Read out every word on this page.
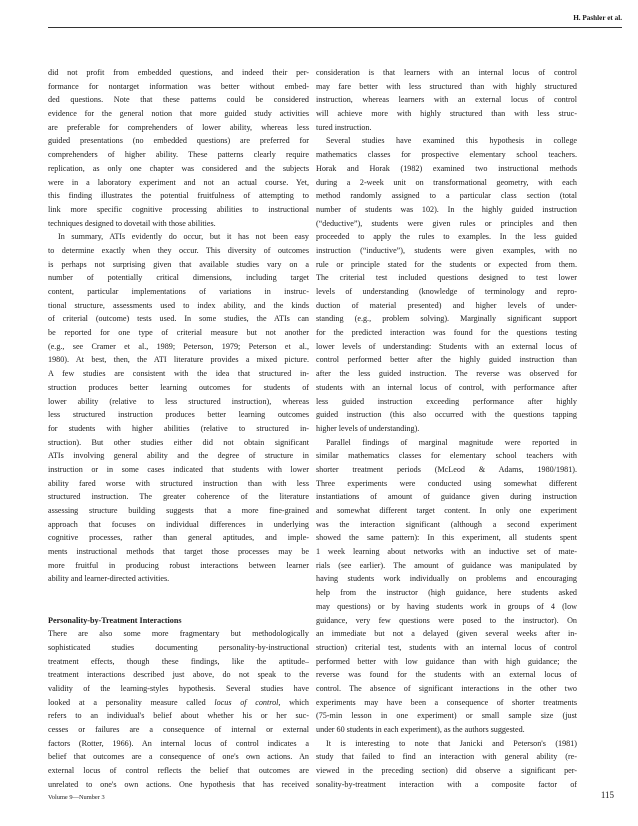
H. Pashler et al.
did not profit from embedded questions, and indeed their per-
formance for nontarget information was better without embed-
ded questions. Note that these patterns could be considered
evidence for the general notion that more guided study activities
are preferable for comprehenders of lower ability, whereas less
guided presentations (no embedded questions) are preferred for
comprehenders of higher ability. These patterns clearly require
replication, as only one chapter was considered and the subjects
were in a laboratory experiment and not an actual course. Yet,
this finding illustrates the potential fruitfulness of attempting to
link more specific cognitive processing abilities to instructional
techniques designed to dovetail with those abilities.
In summary, ATIs evidently do occur, but it has not been easy
to determine exactly when they occur. This diversity of outcomes
is perhaps not surprising given that available studies vary on a
number of potentially critical dimensions, including target
content, particular implementations of variations in instruc-
tional structure, assessments used to index ability, and the kinds
of criterial (outcome) tests used. In some studies, the ATIs can
be reported for one type of criterial measure but not another
(e.g., see Cramer et al., 1989; Peterson, 1979; Peterson et al.,
1980). At best, then, the ATI literature provides a mixed picture.
A few studies are consistent with the idea that structured in-
struction produces better learning outcomes for students of
lower ability (relative to less structured instruction), whereas
less structured instruction produces better learning outcomes
for students with higher abilities (relative to structured in-
struction). But other studies either did not obtain significant
ATIs involving general ability and the degree of structure in
instruction or in some cases indicated that students with lower
ability fared worse with structured instruction than with less
structured instruction. The greater coherence of the literature
assessing structure building suggests that a more fine-grained
approach that focuses on individual differences in underlying
cognitive processes, rather than general aptitudes, and imple-
ments instructional methods that target those processes may be
more fruitful in producing robust interactions between learner
ability and learner-directed activities.
Personality-by-Treatment Interactions
There are also some more fragmentary but methodologically
sophisticated studies documenting personality-by-instructional
treatment effects, though these findings, like the aptitude–
treatment interactions described just above, do not speak to the
validity of the learning-styles hypothesis. Several studies have
looked at a personality measure called locus of control, which
refers to an individual's belief about whether his or her suc-
cesses or failures are a consequence of internal or external
factors (Rotter, 1966). An internal locus of control indicates a
belief that outcomes are a consequence of one's own actions. An
external locus of control reflects the belief that outcomes are
unrelated to one's own actions. One hypothesis that has received
consideration is that learners with an internal locus of control
may fare better with less structured than with highly structured
instruction, whereas learners with an external locus of control
will achieve more with highly structured than with less struc-
tured instruction.
Several studies have examined this hypothesis in college
mathematics classes for prospective elementary school teachers.
Horak and Horak (1982) examined two instructional methods
during a 2-week unit on transformational geometry, with each
method randomly assigned to a particular class section (total
number of students was 102). In the highly guided instruction
(“deductive”), students were given rules or principles and then
proceeded to apply the rules to examples. In the less guided
instruction (“inductive”), students were given examples, with no
rule or principle stated for the students or expected from them.
The criterial test included questions designed to test lower
levels of understanding (knowledge of terminology and repro-
duction of material presented) and higher levels of under-
standing (e.g., problem solving). Marginally significant support
for the predicted interaction was found for the questions testing
lower levels of understanding: Students with an external locus of
control performed better after the highly guided instruction than
after the less guided instruction. The reverse was observed for
students with an internal locus of control, with performance after
less guided instruction exceeding performance after highly
guided instruction (this also occurred with the questions tapping
higher levels of understanding).
Parallel findings of marginal magnitude were reported in
similar mathematics classes for elementary school teachers with
shorter treatment periods (McLeod & Adams, 1980/1981).
Three experiments were conducted using somewhat different
instantiations of amount of guidance given during instruction
and somewhat different target content. In only one experiment
was the interaction significant (although a second experiment
showed the same pattern): In this experiment, all students spent
1 week learning about networks with an inductive set of mate-
rials (see earlier). The amount of guidance was manipulated by
having students work individually on problems and encouraging
help from the instructor (high guidance, here students asked
may questions) or by having students work in groups of 4 (low
guidance, very few questions were posed to the instructor). On
an immediate but not a delayed (given several weeks after in-
struction) criterial test, students with an internal locus of control
performed better with low guidance than with high guidance; the
reverse was found for the students with an external locus of
control. The absence of significant interactions in the other two
experiments may have been a consequence of shorter treatments
(75-min lesson in one experiment) or small sample size (just
under 60 students in each experiment), as the authors suggested.
It is interesting to note that Janicki and Peterson's (1981)
study that failed to find an interaction with general ability (re-
viewed in the preceding section) did observe a significant per-
sonality-by-treatment interaction with a composite factor of
Volume 9—Number 3	115
